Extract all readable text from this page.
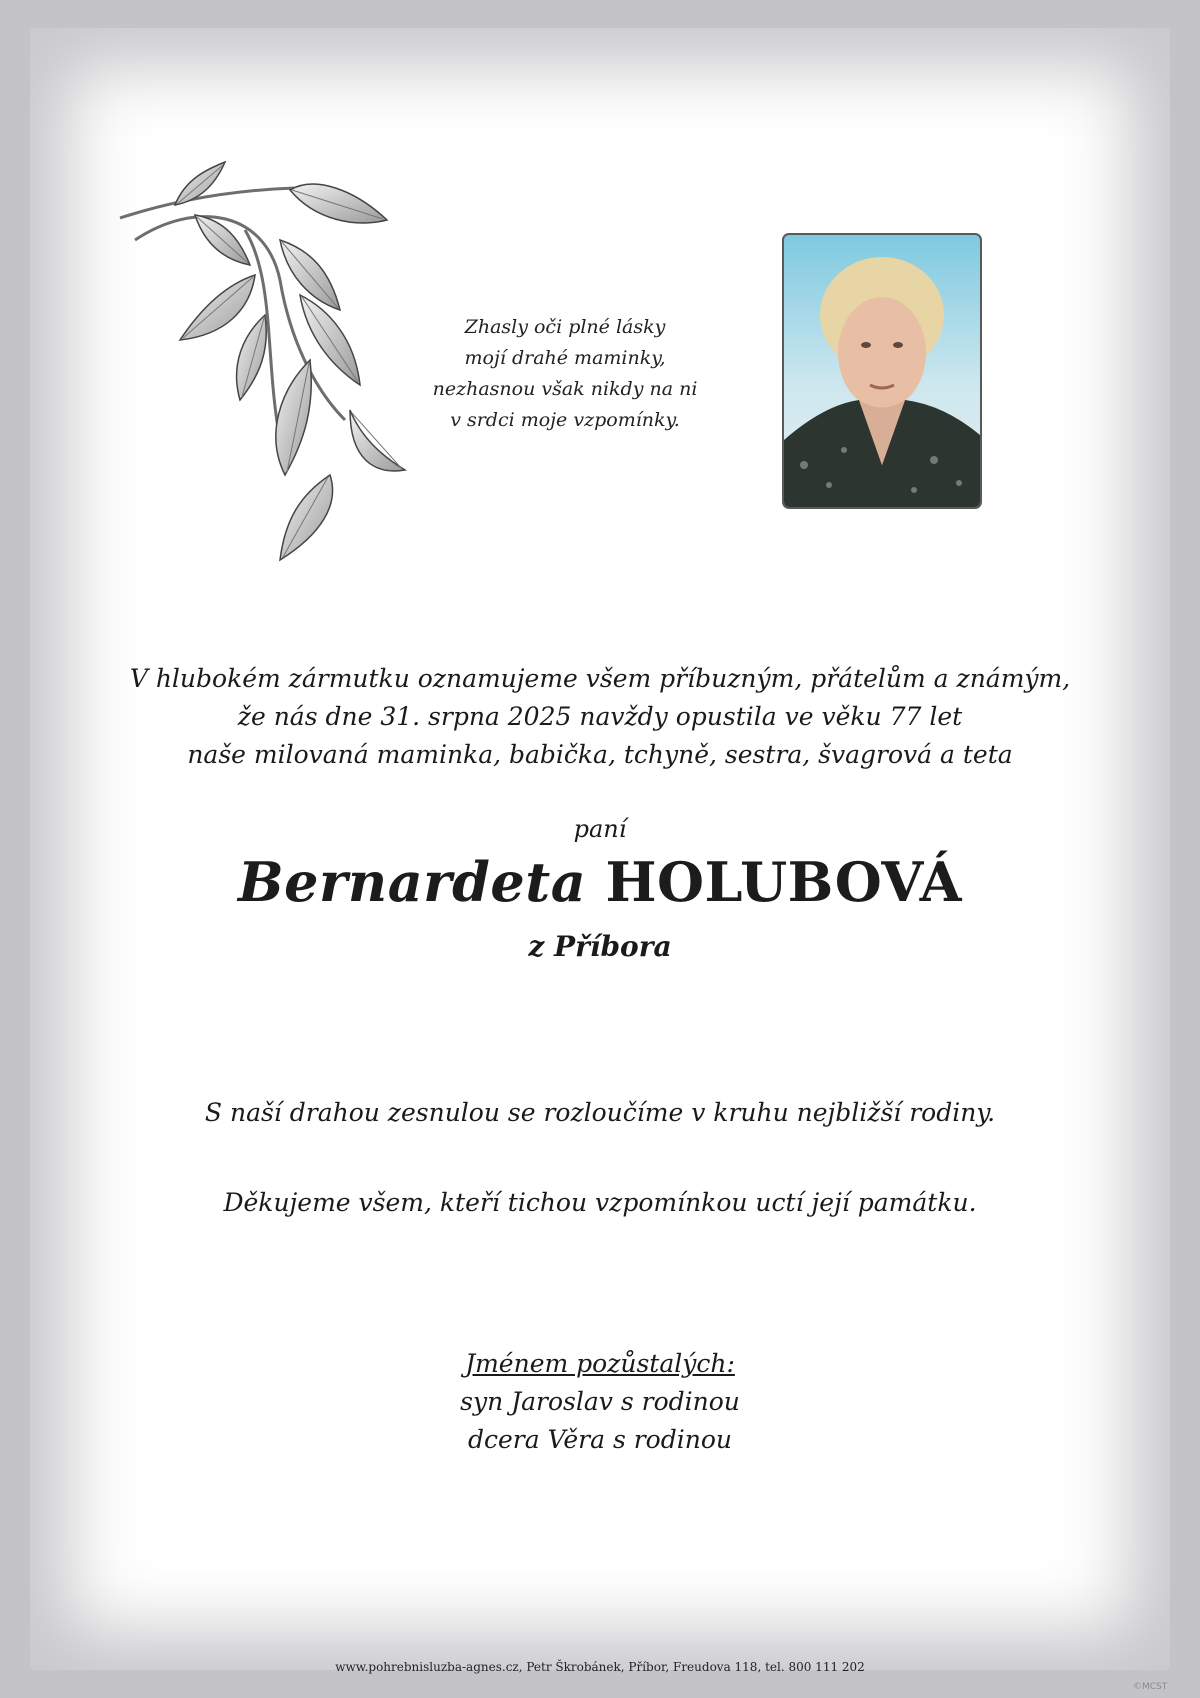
Zhasly oči plné lásky
mojí drahé maminky,
nezhasnou však nikdy na ni
v srdci moje vzpomínky.
V hlubokém zármutku oznamujeme všem příbuzným, přátelům a známým,
že nás dne 31. srpna 2025 navždy opustila ve věku 77 let
naše milovaná maminka, babička, tchyně, sestra, švagrová a teta
paní
Bernardeta HOLUBOVÁ
z Příbora
S naší drahou zesnulou se rozloučíme v kruhu nejbližší rodiny.
Děkujeme všem, kteří tichou vzpomínkou uctí její památku.
Jménem pozůstalých:
syn Jaroslav s rodinou
dcera Věra s rodinou
www.pohrebnisluzba-agnes.cz, Petr Škrobánek, Příbor, Freudova 118, tel. 800 111 202
©MCST
